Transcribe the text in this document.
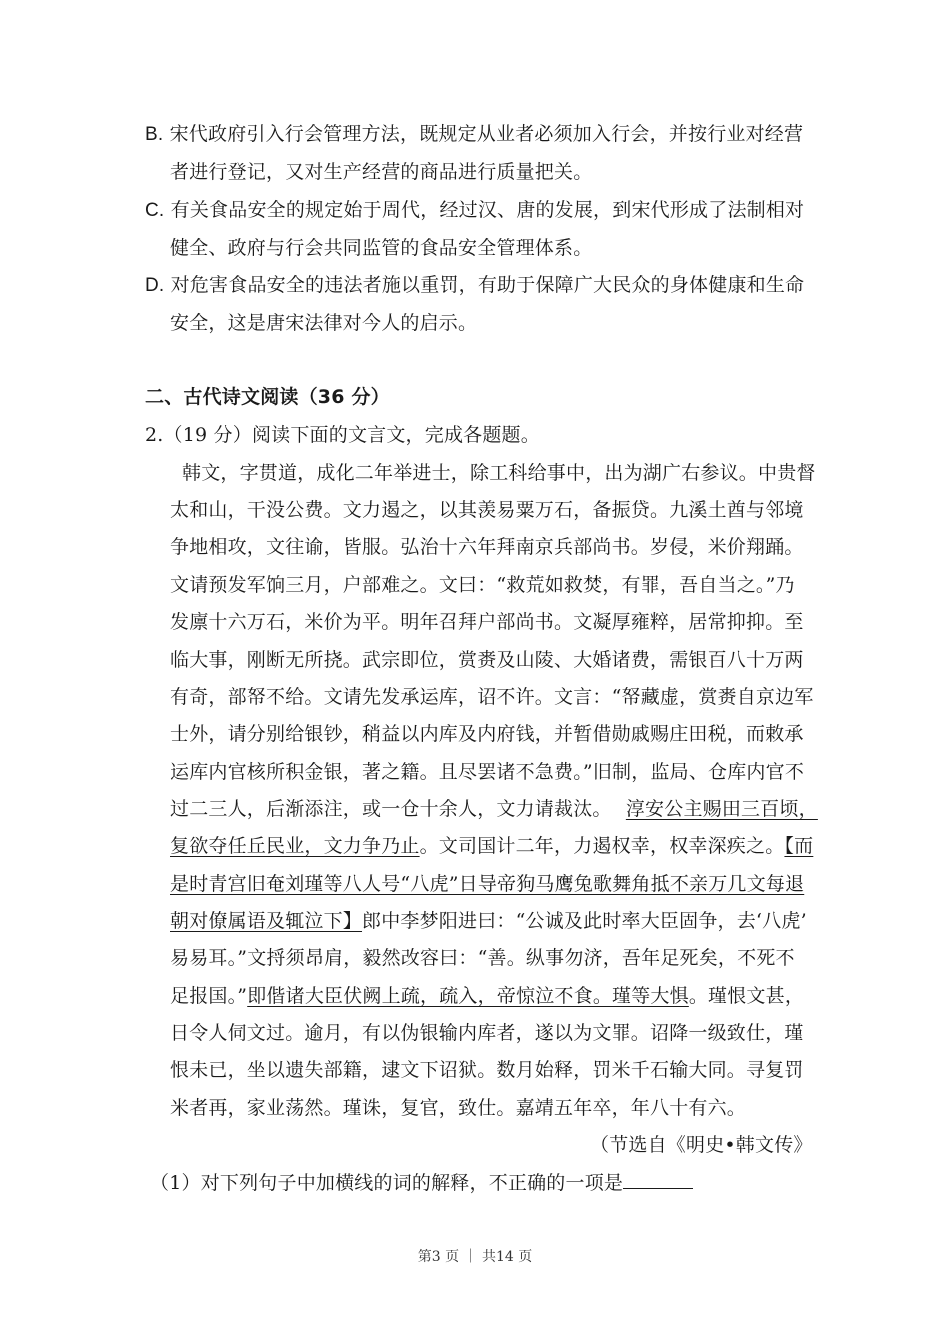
B. 宋代政府引入行会管理方法，既规定从业者必须加入行会，并按行业对经营
者进行登记，又对生产经营的商品进行质量把关。
C. 有关食品安全的规定始于周代，经过汉、唐的发展，到宋代形成了法制相对
健全、政府与行会共同监管的食品安全管理体系。
D. 对危害食品安全的违法者施以重罚，有助于保障广大民众的身体健康和生命
安全，这是唐宋法律对今人的启示。
二、古代诗文阅读（36 分）
2.（19 分）阅读下面的文言文，完成各题题。
韩文，字贯道，成化二年举进士，除工科给事中，出为湖广右参议。中贵督
太和山，干没公费。文力遏之，以其羡易粟万石，备振贷。九溪土酋与邻境
争地相攻，文往谕，皆服。弘治十六年拜南京兵部尚书。岁侵，米价翔踊。
文请预发军饷三月，户部难之。文曰：“救荒如救焚，有罪，吾自当之。”乃
发廪十六万石，米价为平。明年召拜户部尚书。文凝厚雍粹，居常抑抑。至
临大事，刚断无所挠。武宗即位，赏赉及山陵、大婚诸费，需银百八十万两
有奇，部帑不给。文请先发承运库，诏不许。文言：“帑藏虚，赏赉自京边军
士外，请分别给银钞，稍益以内库及内府钱，并暂借勋戚赐庄田税，而敕承
运库内官核所积金银，著之籍。且尽罢诸不急费。”旧制，监局、仓库内官不
过二三人，后渐添注，或一仓十余人，文力请裁汰。 淳安公主赐田三百顷，
复欲夺任丘民业，文力争乃止。文司国计二年，力遏权幸，权幸深疾之。【而
是时青宫旧奄刘瑾等八人号“八虎”日导帝狗马鹰兔歌舞角抵不亲万几文每退
朝对僚属语及辄泣下】郎中李梦阳进曰：“公诚及此时率大臣固争，去‘八虎’
易易耳。”文捋须昂肩，毅然改容曰：“善。纵事勿济，吾年足死矣，不死不
足报国。”即偕诸大臣伏阙上疏，疏入，帝惊泣不食。瑾等大惧。瑾恨文甚，
日令人伺文过。逾月，有以伪银输内库者，遂以为文罪。诏降一级致仕，瑾
恨未已，坐以遗失部籍，逮文下诏狱。数月始释，罚米千石输大同。寻复罚
米者再，家业荡然。瑾诛，复官，致仕。嘉靖五年卒，年八十有六。
（节选自《明史•韩文传》
（1）对下列句子中加横线的词的解释，不正确的一项是
第3 页 ｜ 共14 页
